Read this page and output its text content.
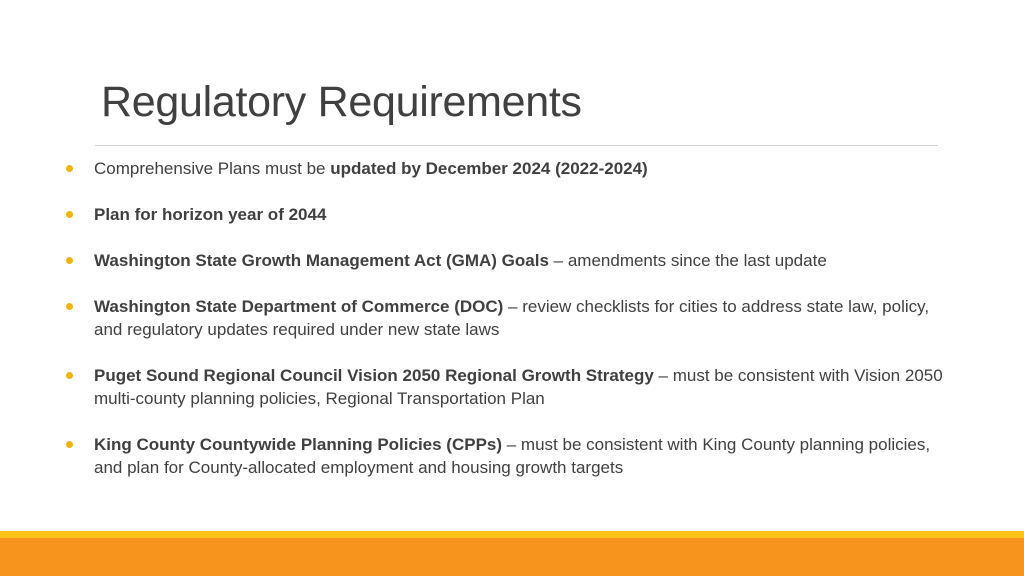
Regulatory Requirements
Comprehensive Plans must be updated by December 2024 (2022-2024)
Plan for horizon year of 2044
Washington State Growth Management Act (GMA) Goals – amendments since the last update
Washington State Department of Commerce (DOC) – review checklists for cities to address state law, policy, and regulatory updates required under new state laws
Puget Sound Regional Council Vision 2050 Regional Growth Strategy – must be consistent with Vision 2050 multi-county planning policies, Regional Transportation Plan
King County Countywide Planning Policies (CPPs) – must be consistent with King County planning policies, and plan for County-allocated employment and housing growth targets
